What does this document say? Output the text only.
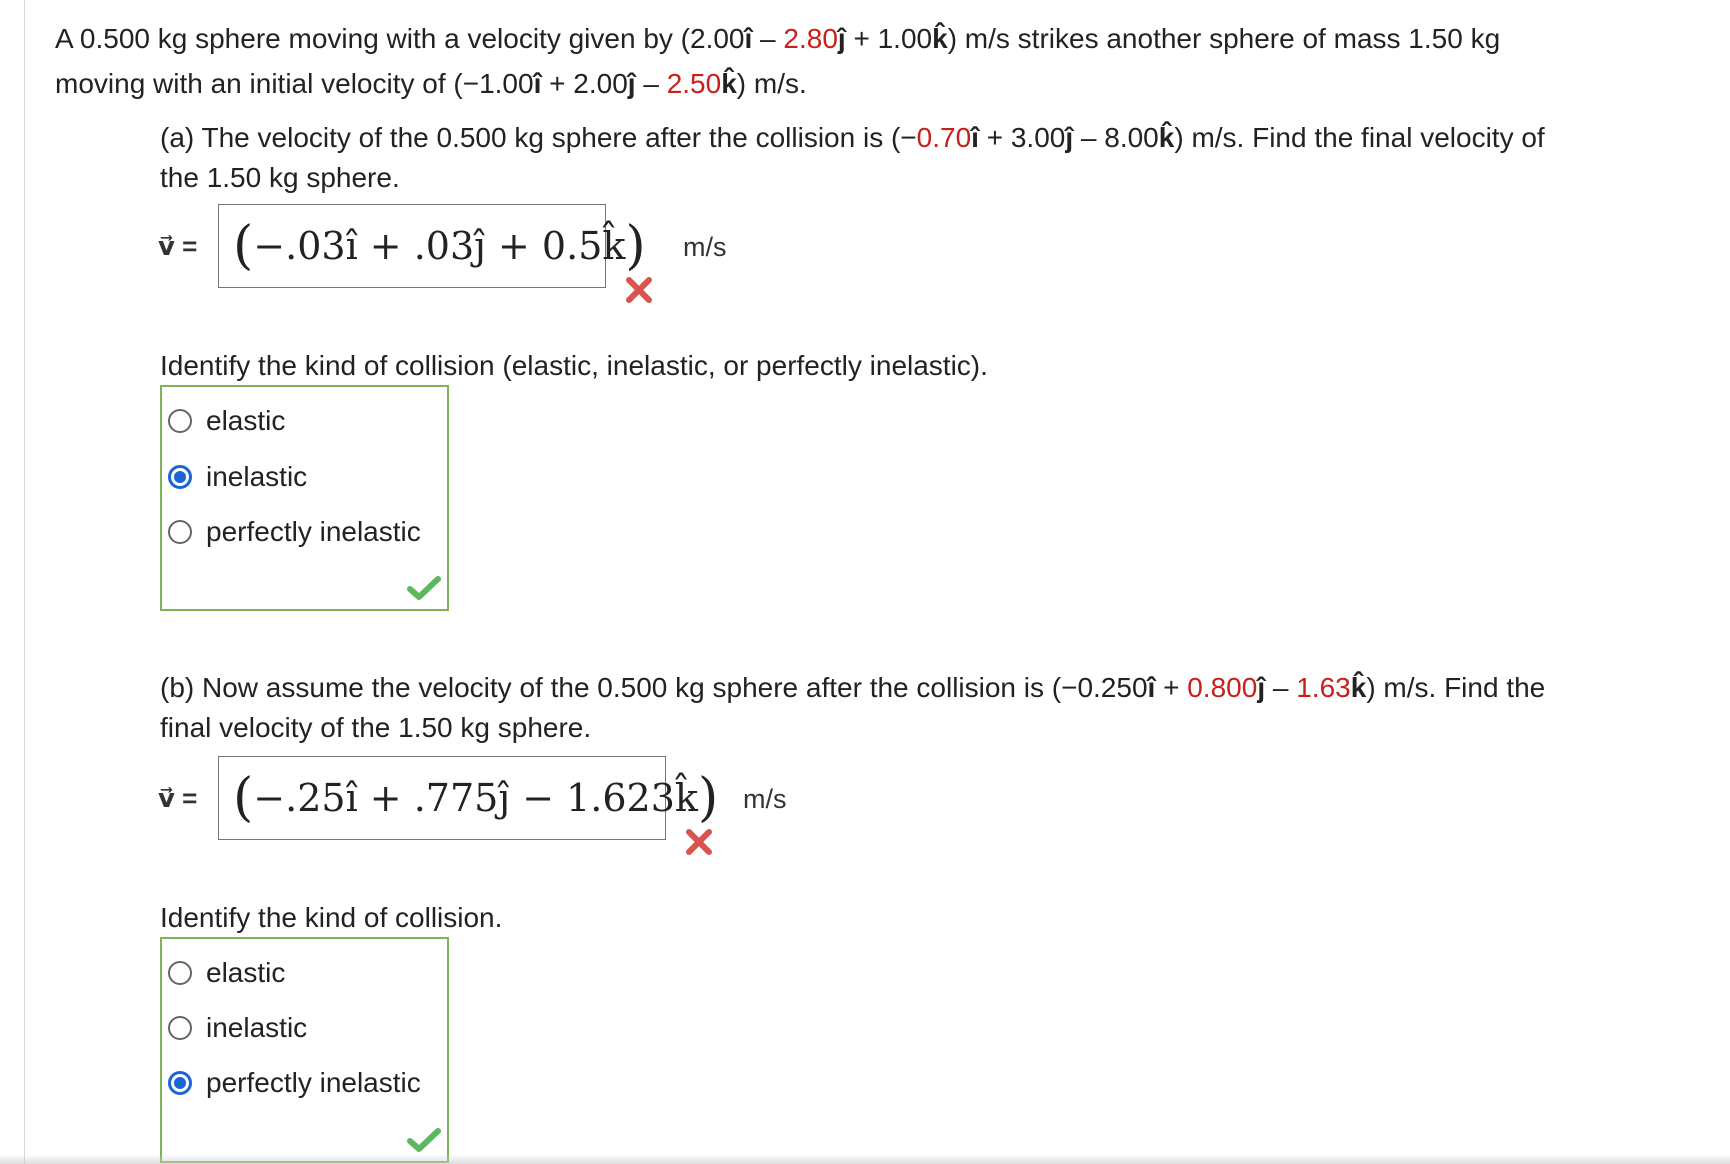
A 0.500 kg sphere moving with a velocity given by (2.00î – 2.80ĵ + 1.00k̂) m/s strikes another sphere of mass 1.50 kg
moving with an initial velocity of (−1.00î + 2.00ĵ – 2.50k̂) m/s.
(a) The velocity of the 0.500 kg sphere after the collision is (−0.70î + 3.00ĵ – 8.00k̂) m/s. Find the final velocity of
the 1.50 kg sphere.
v⃗ = (−.03î + .03ĵ + 0.5k̂) m/s
Identify the kind of collision (elastic, inelastic, or perfectly inelastic).
elastic
inelastic
perfectly inelastic
(b) Now assume the velocity of the 0.500 kg sphere after the collision is (−0.250î + 0.800ĵ – 1.63k̂) m/s. Find the
final velocity of the 1.50 kg sphere.
v⃗ = (−.25î + .775ĵ − 1.623k̂) m/s
Identify the kind of collision.
elastic
inelastic
perfectly inelastic
